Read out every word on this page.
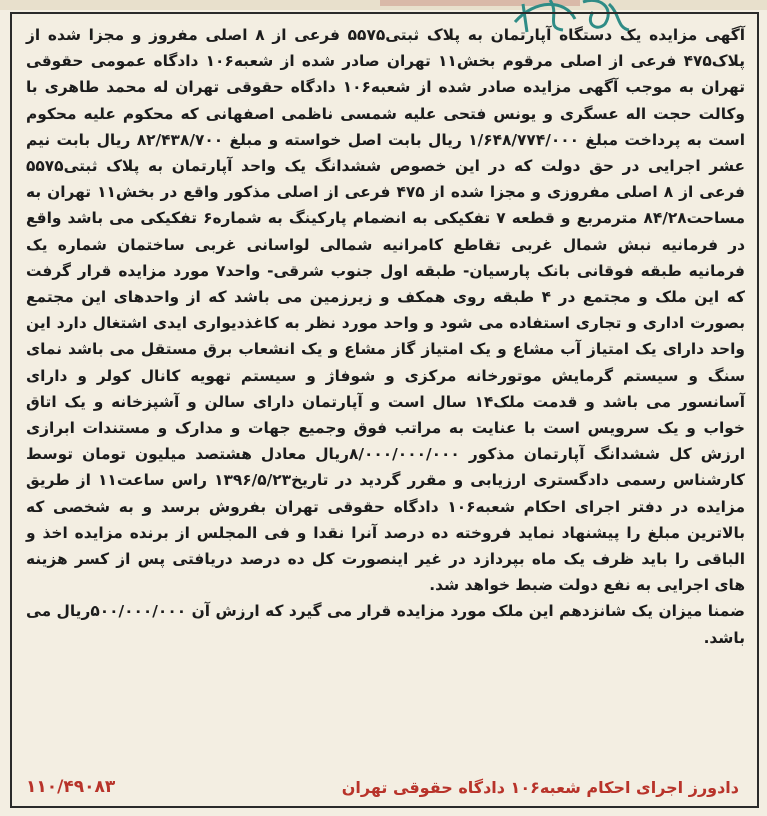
آگهی مزایده یک دستگاه آپارتمان به پلاک ثبتی۵۵۷۵ فرعی از ۸ اصلی مفروز و مجزا شده از پلاک۴۷۵ فرعی از اصلی مرقوم بخش۱۱ تهران صادر شده از شعبه۱۰۶ دادگاه عمومی حقوقی تهران به موجب آگهی مزایده صادر شده از شعبه۱۰۶ دادگاه حقوقی تهران له محمد طاهری با وکالت حجت اله عسگری و یونس فتحی علیه شمسی ناظمی اصفهانی که محکوم علیه محکوم است به پرداخت مبلغ ۱/۶۴۸/۷۷۴/۰۰۰ ریال بابت اصل خواسته و مبلغ ۸۲/۴۳۸/۷۰۰ ریال بابت نیم عشر اجرایی در حق دولت که در این خصوص ششدانگ یک واحد آپارتمان به پلاک ثبتی۵۵۷۵ فرعی از ۸ اصلی مفروزی و مجزا شده از ۴۷۵ فرعی از اصلی مذکور واقع در بخش۱۱ تهران به مساحت۸۴/۲۸ مترمربع و قطعه ۷ تفکیکی به انضمام پارکینگ به شماره۶ تفکیکی می باشد واقع در فرمانیه نبش شمال غربی تقاطع کامرانیه شمالی لواسانی غربی ساختمان شماره یک فرمانیه طبقه فوقانی بانک پارسیان- طبقه اول جنوب شرقی- واحد۷ مورد مزایده قرار گرفت که این ملک و مجتمع در ۴ طبقه روی همکف و زیرزمین می باشد که از واحدهای این مجتمع بصورت اداری و تجاری استفاده می شود و واحد مورد نظر به کاغذدیواری ایدی اشتغال دارد این واحد دارای یک امتیاز آب مشاع و یک امتیاز گاز مشاع و یک انشعاب برق مستقل می باشد نمای سنگ و سیستم گرمایش موتورخانه مرکزی و شوفاژ و سیستم تهویه کانال کولر و دارای آسانسور می باشد و قدمت ملک۱۴ سال است و آپارتمان دارای سالن و آشپزخانه و یک اتاق خواب و یک سرویس است با عنایت به مراتب فوق وجمیع جهات و مدارک و مستندات ابرازی ارزش کل ششدانگ آپارتمان مذکور ۸/۰۰۰/۰۰۰/۰۰۰ریال معادل هشتصد میلیون تومان توسط کارشناس رسمی دادگستری ارزیابی و مقرر گردید در تاریخ۱۳۹۶/۵/۲۳ راس ساعت۱۱ از طریق مزایده در دفتر اجرای احکام شعبه۱۰۶ دادگاه حقوقی تهران بفروش برسد و به شخصی که بالاترین مبلغ را پیشنهاد نماید فروخته ده درصد آنرا نقدا و فی المجلس از برنده مزایده اخذ و الباقی را باید ظرف یک ماه بپردازد در غیر اینصورت کل ده درصد دریافتی پس از کسر هزینه های اجرایی به نفع دولت ضبط خواهد شد.

ضمنا میزان یک شانزدهم این ملک مورد مزایده قرار می گیرد که ارزش آن ۵۰۰/۰۰۰/۰۰۰ریال می باشد.

دادورز اجرای احکام شعبه۱۰۶ دادگاه حقوقی تهران
۱۱۰/۴۹۰۸۳
